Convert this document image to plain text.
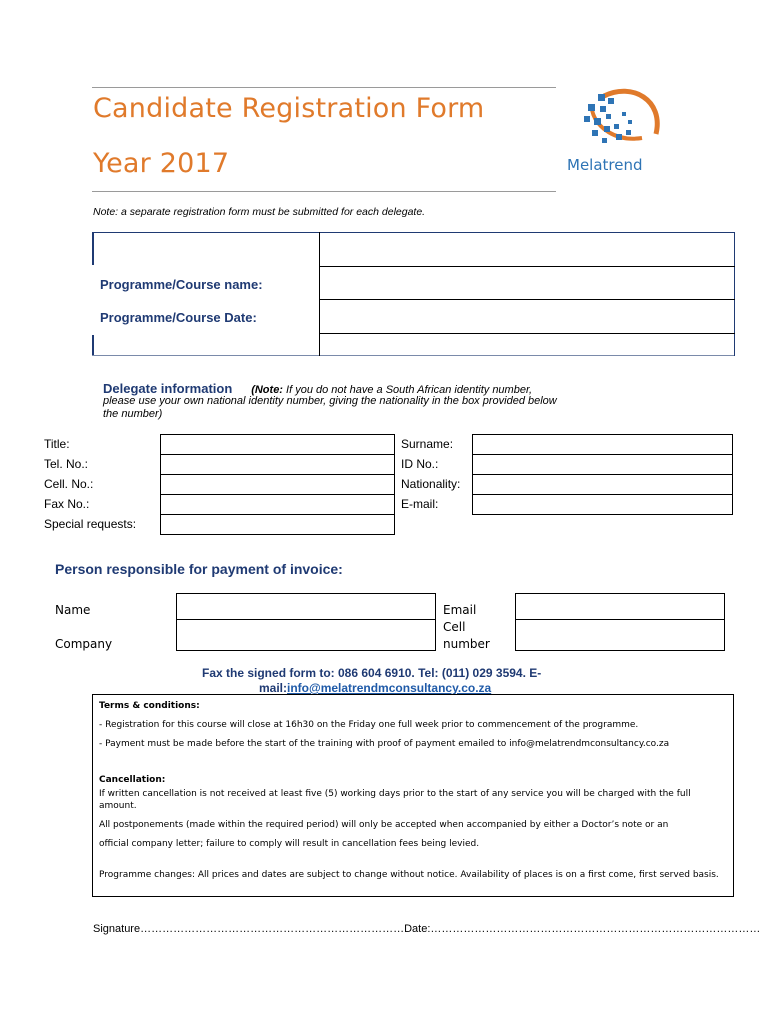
Candidate Registration Form
Year 2017	Melatrend
Note: a separate registration form must be submitted for each delegate.
Programme/Course name:
Programme/Course Date:
Delegate information (Note: If you do not have a South African identity number,
please use your own national identity number, giving the nationality in the box provided below
the number)
Title:
Tel. No.:
Cell. No.:
Fax No.:
Special requests:
Surname:
ID No.:
Nationality:
E-mail:
Person responsible for payment of invoice:
Name
Company
Email
Cell
number
Fax the signed form to: 086 604 6910. Tel: (011) 029 3594. E-
mail:info@melatrendmconsultancy.co.za
Terms & conditions:
- Registration for this course will close at 16h30 on the Friday one full week prior to commencement of the programme.
- Payment must be made before the start of the training with proof of payment emailed to info@melatrendmconsultancy.co.za
Cancellation:
If written cancellation is not received at least five (5) working days prior to the start of any service you will be charged with the full amount.
All postponements (made within the required period) will only be accepted when accompanied by either a Doctor’s note or an
official company letter; failure to comply will result in cancellation fees being levied.
Programme changes: All prices and dates are subject to change without notice. Availability of places is on a first come, first served basis.
Signature………………………………………………………………Date:………………………………………………………………………………
